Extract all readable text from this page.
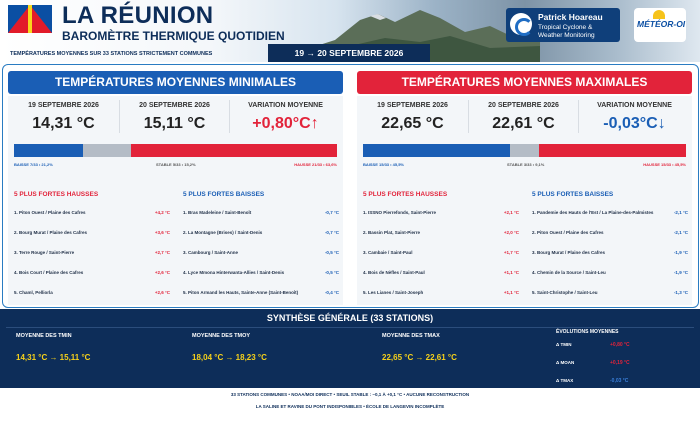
LA RÉUNION
BAROMÈTRE THERMIQUE QUOTIDIEN
TEMPÉRATURES MOYENNES SUR 33 STATIONS STRICTEMENT COMMUNES	19 → 20 SEPTEMBRE 2026
Patrick Hoareau
Tropical Cyclone &
Weather Monitoring
MÉTÉOR-OI
TEMPÉRATURES MOYENNES MINIMALES
19 SEPTEMBRE 2026
14,31 °C
20 SEPTEMBRE 2026
15,11 °C
VARIATION MOYENNE
+0,80°C↑
BAISSE 7/33 • 21,2%	STABLE 5/33 • 15,2%	HAUSSE 21/33 • 63,6%
5 PLUS FORTES HAUSSES	5 PLUS FORTES BAISSES
1. Piton Ouest / Plaine des Cafres	+4,2 °C
2. Bourg Murat / Plaine des Cafres	+3,6 °C
3. Terre Rouge / Saint-Pierre	+2,7 °C
4. Bois Court / Plaine des Cafres	+2,6 °C
5. Chaml, Pelliorla	+2,6 °C
1. Bras Madeleine / Saint-Benoît	-0,7 °C
2. La Montagne (Brises) / Saint-Denis	-0,7 °C
3. Cambourg / Saint-Anne	-0,5 °C
4. Lyce Mmona Hinterwanta-Allies / Saint-Denis	-0,5 °C
5. Piton Armand les Hauts, Sainte-Anne (Saint-Benoît)	-0,4 °C
TEMPÉRATURES MOYENNES MAXIMALES
19 SEPTEMBRE 2026
22,65 °C
20 SEPTEMBRE 2026
22,61 °C
VARIATION MOYENNE
-0,03°C↓
BAISSE 15/33 • 45,5%	STABLE 3/33 • 9,1%	HAUSSE 15/33 • 45,5%
5 PLUS FORTES HAUSSES	5 PLUS FORTES BAISSES
1. ISSNO Pierrefonds, Saint-Pierre	+2,1 °C
2. Bassin Plat, Saint-Pierre	+2,0 °C
3. Cambaie / Saint-Paul	+1,7 °C
4. Bois de Nèfles / Saint-Paul	+1,1 °C
5. Les Lianes / Saint-Joseph	+1,1 °C
1. Pandemie des Hauts de l'Est / La Plaine-des-Palmistes	-2,1 °C
2. Piton Ouest / Plaine des Cafres	-2,1 °C
3. Bourg Murat / Plaine des Cafres	-1,9 °C
4. Chemin de la Source / Saint-Leu	-1,9 °C
5. Saint-Christophe / Saint-Leu	-1,3 °C
SYNTHÈSE GÉNÉRALE (33 STATIONS)
MOYENNE DES TMIN
14,31 °C → 15,11 °C
MOYENNE DES TMOY
18,04 °C → 18,23 °C
MOYENNE DES TMAX
22,65 °C → 22,61 °C
ÉVOLUTIONS MOYENNES
Δ TMIN	+0,80 °C
Δ MOAN	+0,19 °C
Δ TMAX	-0,03 °C
33 STATIONS COMMUNES • NOAA/MOI DIRECT • SEUIL STABLE : −0,1 À +0,1 °C • AUCUNE RECONSTRUCTION
LA SALINE ET RAVINE DU PONT INDISPONIBLES • ÉCOLE DE LANGEVIN INCOMPLÈTE
